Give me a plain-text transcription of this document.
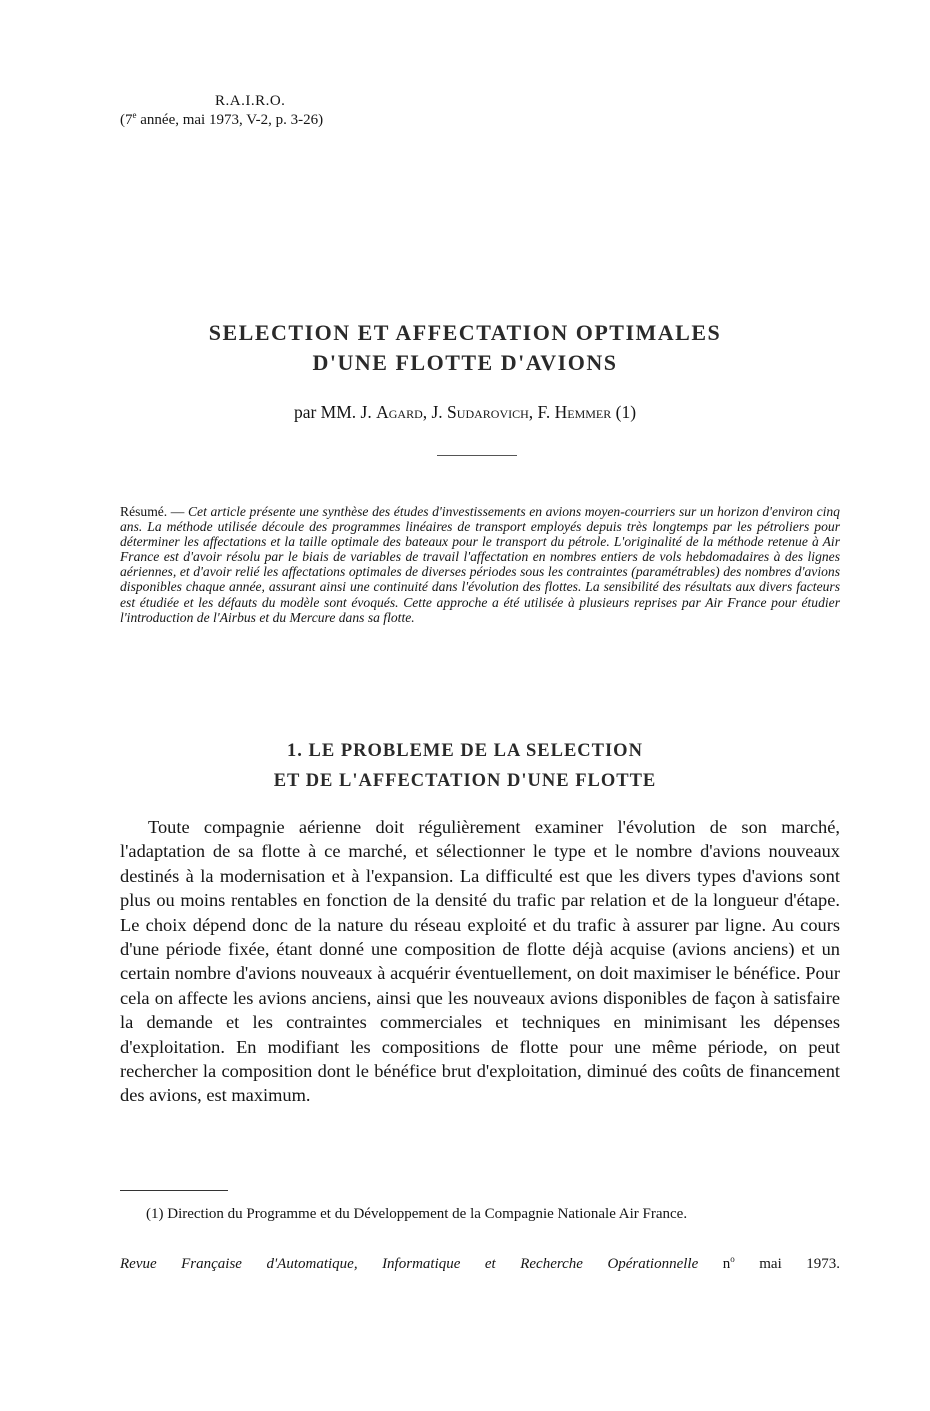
R.A.I.R.O.
(7e année, mai 1973, V-2, p. 3-26)
SELECTION ET AFFECTATION OPTIMALES
D'UNE FLOTTE D'AVIONS
par MM. J. Agard, J. Sudarovich, F. Hemmer (1)
Résumé. — Cet article présente une synthèse des études d'investissements en avions moyen-courriers sur un horizon d'environ cinq ans. La méthode utilisée découle des programmes linéaires de transport employés depuis très longtemps par les pétroliers pour déterminer les affectations et la taille optimale des bateaux pour le transport du pétrole. L'originalité de la méthode retenue à Air France est d'avoir résolu par le biais de variables de travail l'affectation en nombres entiers de vols hebdomadaires à des lignes aériennes, et d'avoir relié les affectations optimales de diverses périodes sous les contraintes (paramétrables) des nombres d'avions disponibles chaque année, assurant ainsi une continuité dans l'évolution des flottes. La sensibilité des résultats aux divers facteurs est étudiée et les défauts du modèle sont évoqués. Cette approche a été utilisée à plusieurs reprises par Air France pour étudier l'introduction de l'Airbus et du Mercure dans sa flotte.
1. LE PROBLEME DE LA SELECTION
ET DE L'AFFECTATION D'UNE FLOTTE
Toute compagnie aérienne doit régulièrement examiner l'évolution de son marché, l'adaptation de sa flotte à ce marché, et sélectionner le type et le nombre d'avions nouveaux destinés à la modernisation et à l'expansion. La difficulté est que les divers types d'avions sont plus ou moins rentables en fonction de la densité du trafic par relation et de la longueur d'étape. Le choix dépend donc de la nature du réseau exploité et du trafic à assurer par ligne. Au cours d'une période fixée, étant donné une composition de flotte déjà acquise (avions anciens) et un certain nombre d'avions nouveaux à acquérir éventuellement, on doit maximiser le bénéfice. Pour cela on affecte les avions anciens, ainsi que les nouveaux avions disponibles de façon à satisfaire la demande et les contraintes commerciales et techniques en minimisant les dépenses d'exploitation. En modifiant les compositions de flotte pour une même période, on peut rechercher la composition dont le bénéfice brut d'exploitation, diminué des coûts de financement des avions, est maximum.
(1) Direction du Programme et du Développement de la Compagnie Nationale Air France.
Revue Française d'Automatique, Informatique et Recherche Opérationnelle $n^o$ mai 1973.
